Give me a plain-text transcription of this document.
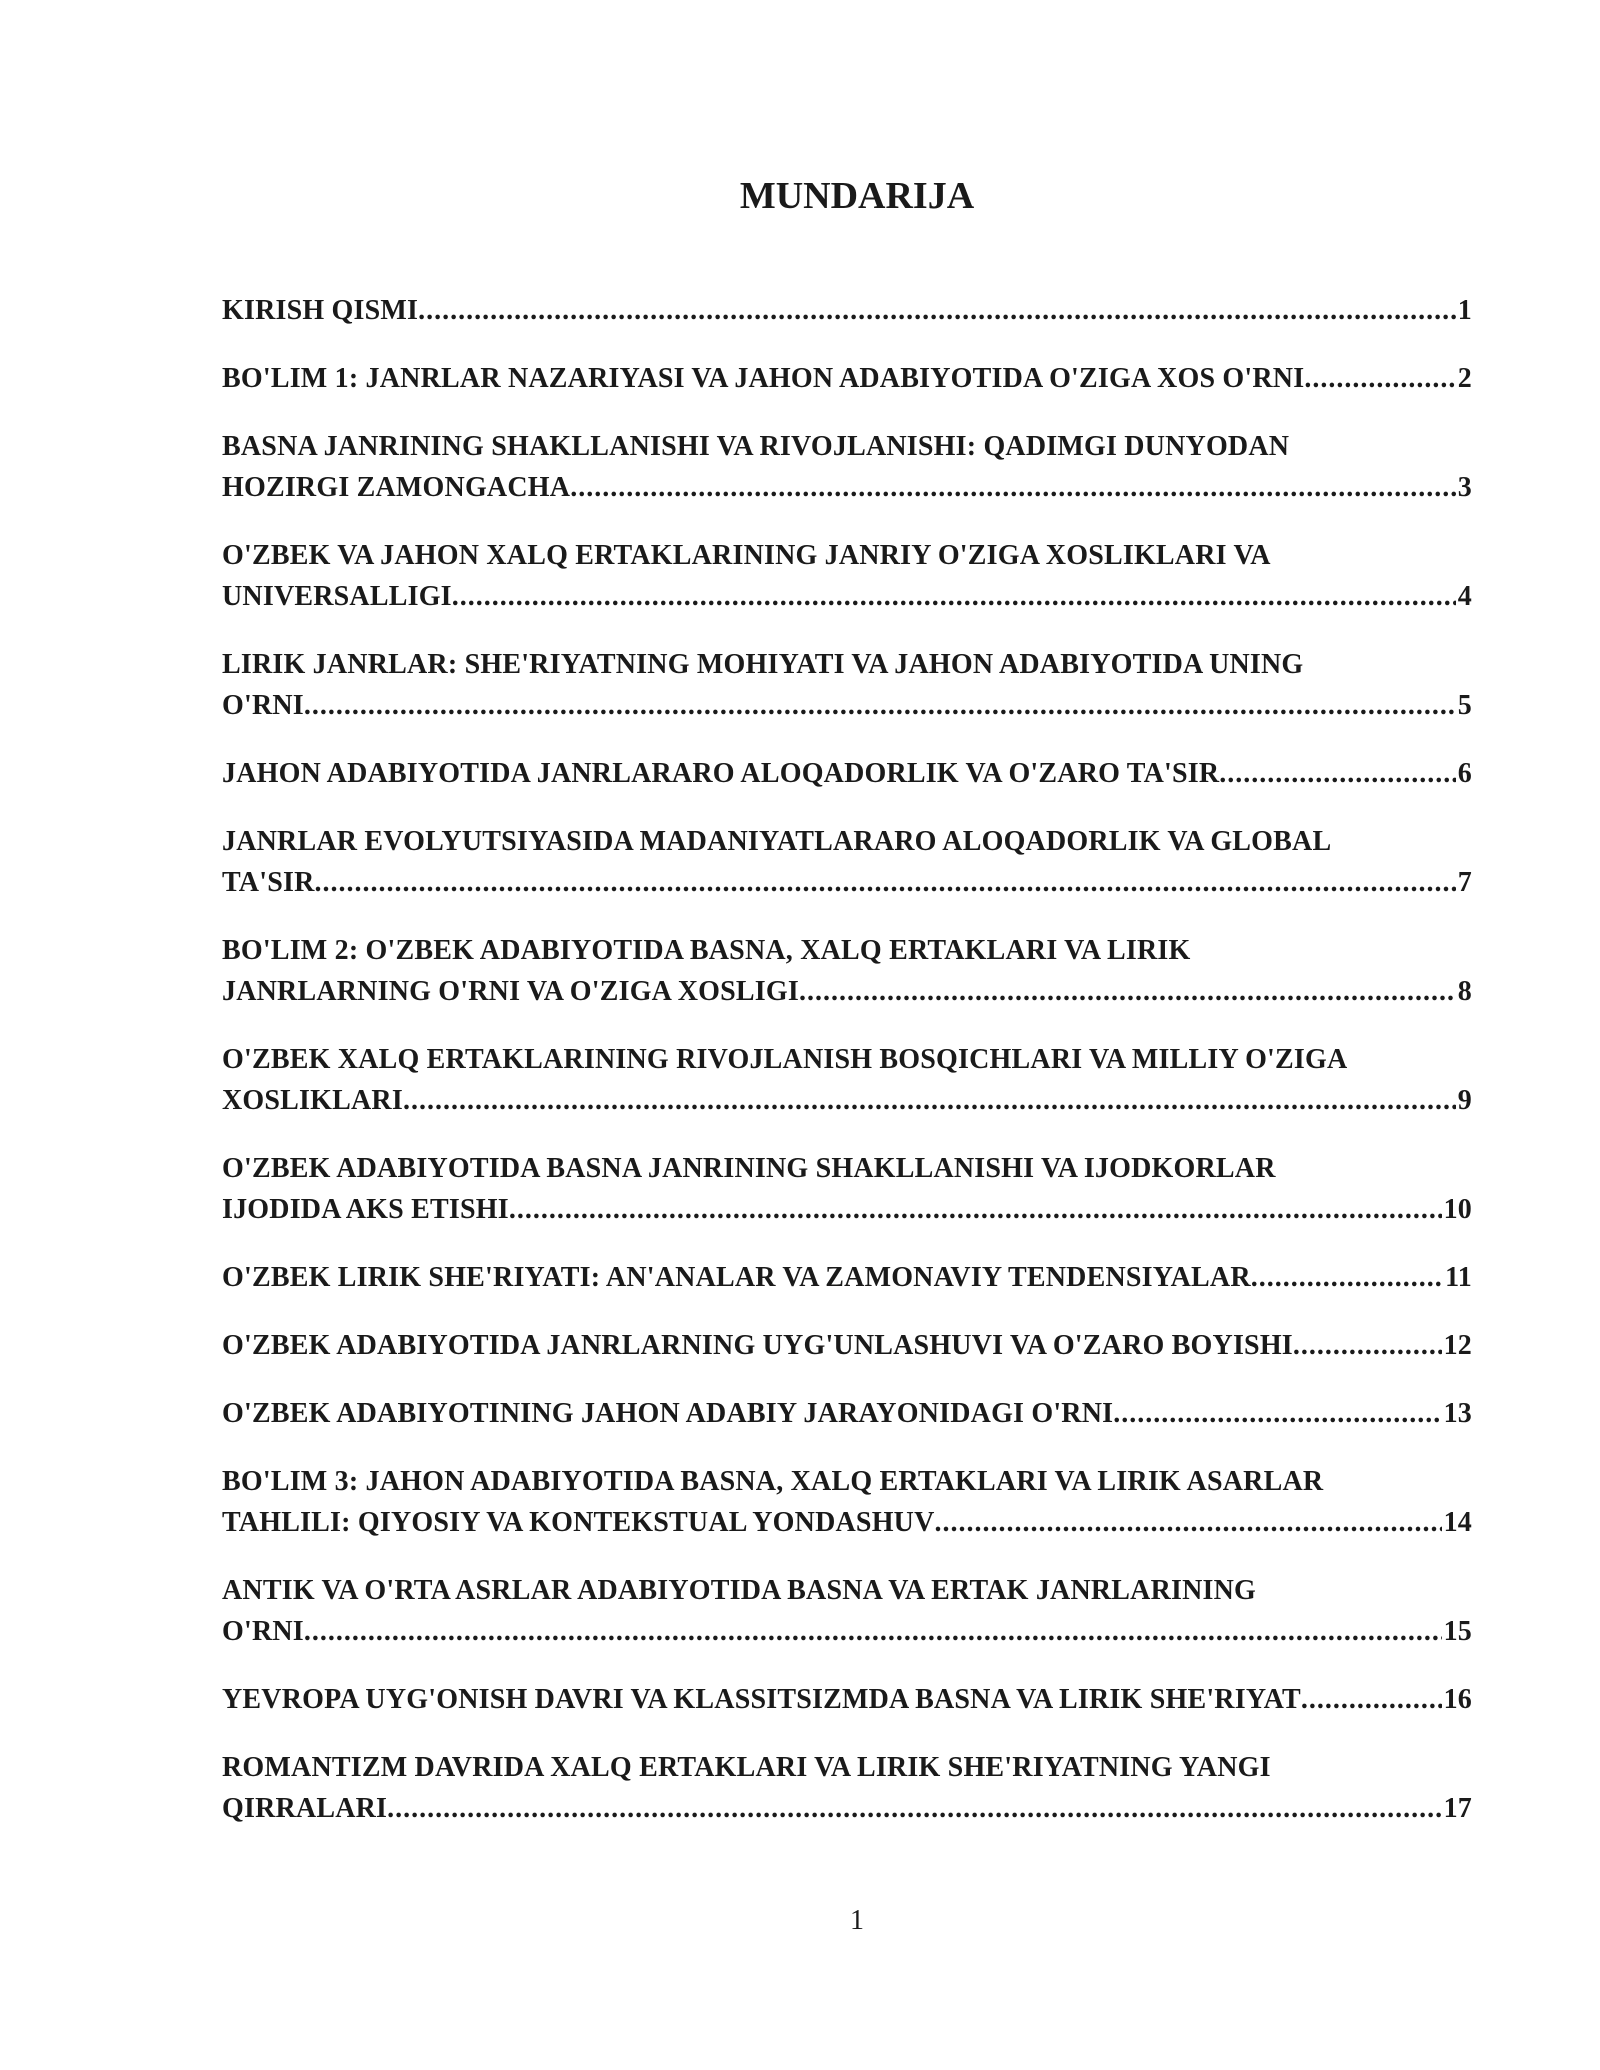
MUNDARIJA
KIRISH QISMI .....	1
BO'LIM 1: JANRLAR NAZARIYASI VA JAHON ADABIYOTIDA O'ZIGA XOS O'RNI .....	2
BASNA JANRINING SHAKLLANISHI VA RIVOJLANISHI: QADIMGI DUNYODAN
HOZIRGI ZAMONGACHA .....	3
O'ZBEK VA JAHON XALQ ERTAKLARINING JANRIY O'ZIGA XOSLIKLARI VA
UNIVERSALLIGI .....	4
LIRIK JANRLAR: SHE'RIYATNING MOHIYATI VA JAHON ADABIYOTIDA UNING
O'RNI .....	5
JAHON ADABIYOTIDA JANRLARARO ALOQADORLIK VA O'ZARO TA'SIR .....	6
JANRLAR EVOLYUTSIYASIDA MADANIYATLARARO ALOQADORLIK VA GLOBAL
TA'SIR .....	7
BO'LIM 2: O'ZBEK ADABIYOTIDA BASNA, XALQ ERTAKLARI VA LIRIK
JANRLARNING O'RNI VA O'ZIGA XOSLIGI .....	8
O'ZBEK XALQ ERTAKLARINING RIVOJLANISH BOSQICHLARI VA MILLIY O'ZIGA
XOSLIKLARI .....	9
O'ZBEK ADABIYOTIDA BASNA JANRINING SHAKLLANISHI VA IJODKORLAR
IJODIDA AKS ETISHI .....	10
O'ZBEK LIRIK SHE'RIYATI: AN'ANALAR VA ZAMONAVIY TENDENSIYALAR .....	11
O'ZBEK ADABIYOTIDA JANRLARNING UYG'UNLASHUVI VA O'ZARO BOYISHI .....	12
O'ZBEK ADABIYOTINING JAHON ADABIY JARAYONIDAGI O'RNI .....	13
BO'LIM 3: JAHON ADABIYOTIDA BASNA, XALQ ERTAKLARI VA LIRIK ASARLAR
TAHLILI: QIYOSIY VA KONTEKSTUAL YONDASHUV .....	14
ANTIK VA O'RTA ASRLAR ADABIYOTIDA BASNA VA ERTAK JANRLARINING
O'RNI .....	15
YEVROPA UYG'ONISH DAVRI VA KLASSITSIZMDA BASNA VA LIRIK SHE'RIYAT .....	16
ROMANTIZM DAVRIDA XALQ ERTAKLARI VA LIRIK SHE'RIYATNING YANGI
QIRRALARI .....	17
1
